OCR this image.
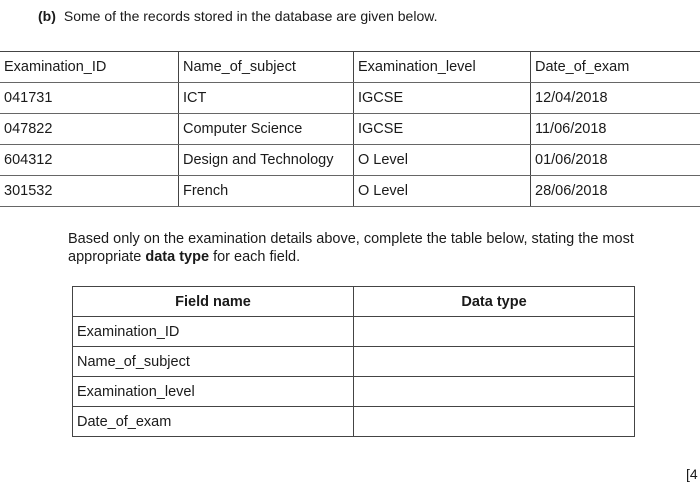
(b) Some of the records stored in the database are given below.
Examination_ID	Name_of_subject	Examination_level	Date_of_exam
041731	ICT	IGCSE	12/04/2018
047822	Computer Science	IGCSE	11/06/2018
604312	Design and Technology	O Level	01/06/2018
301532	French	O Level	28/06/2018
Based only on the examination details above, complete the table below, stating the most
appropriate data type for each field.
Field name	Data type
Examination_ID	
Name_of_subject	
Examination_level	
Date_of_exam	
[4
